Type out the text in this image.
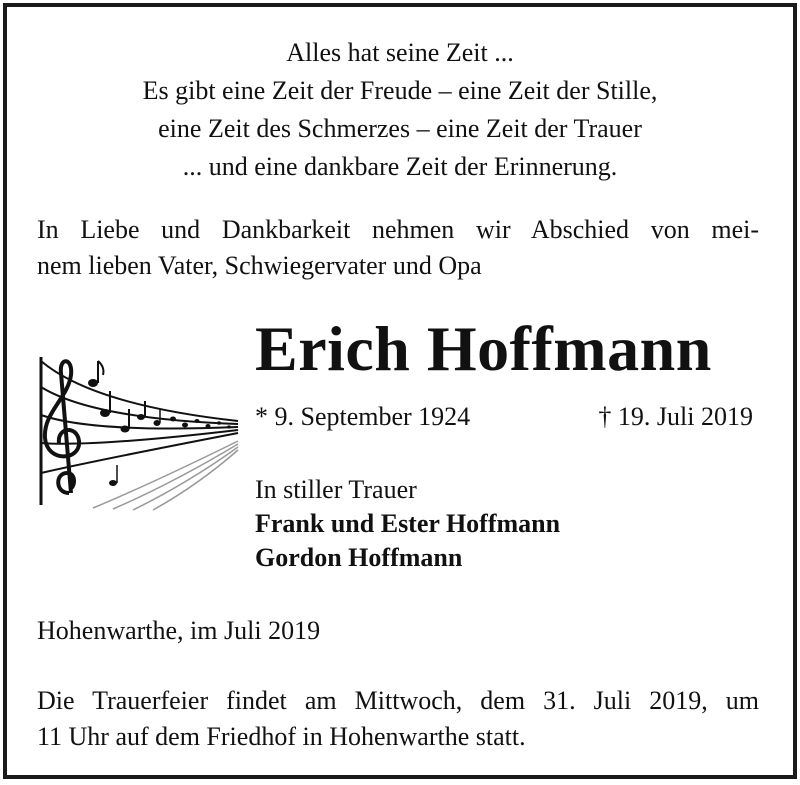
Alles hat seine Zeit ...
Es gibt eine Zeit der Freude – eine Zeit der Stille,
eine Zeit des Schmerzes – eine Zeit der Trauer
... und eine dankbare Zeit der Erinnerung.
In Liebe und Dankbarkeit nehmen wir Abschied von mei-
nem lieben Vater, Schwiegervater und Opa
Erich Hoffmann
* 9. September 1924	† 19. Juli 2019
In stiller Trauer
Frank und Ester Hoffmann
Gordon Hoffmann
Hohenwarthe, im Juli 2019
Die Trauerfeier findet am Mittwoch, dem 31. Juli 2019, um
11 Uhr auf dem Friedhof in Hohenwarthe statt.
